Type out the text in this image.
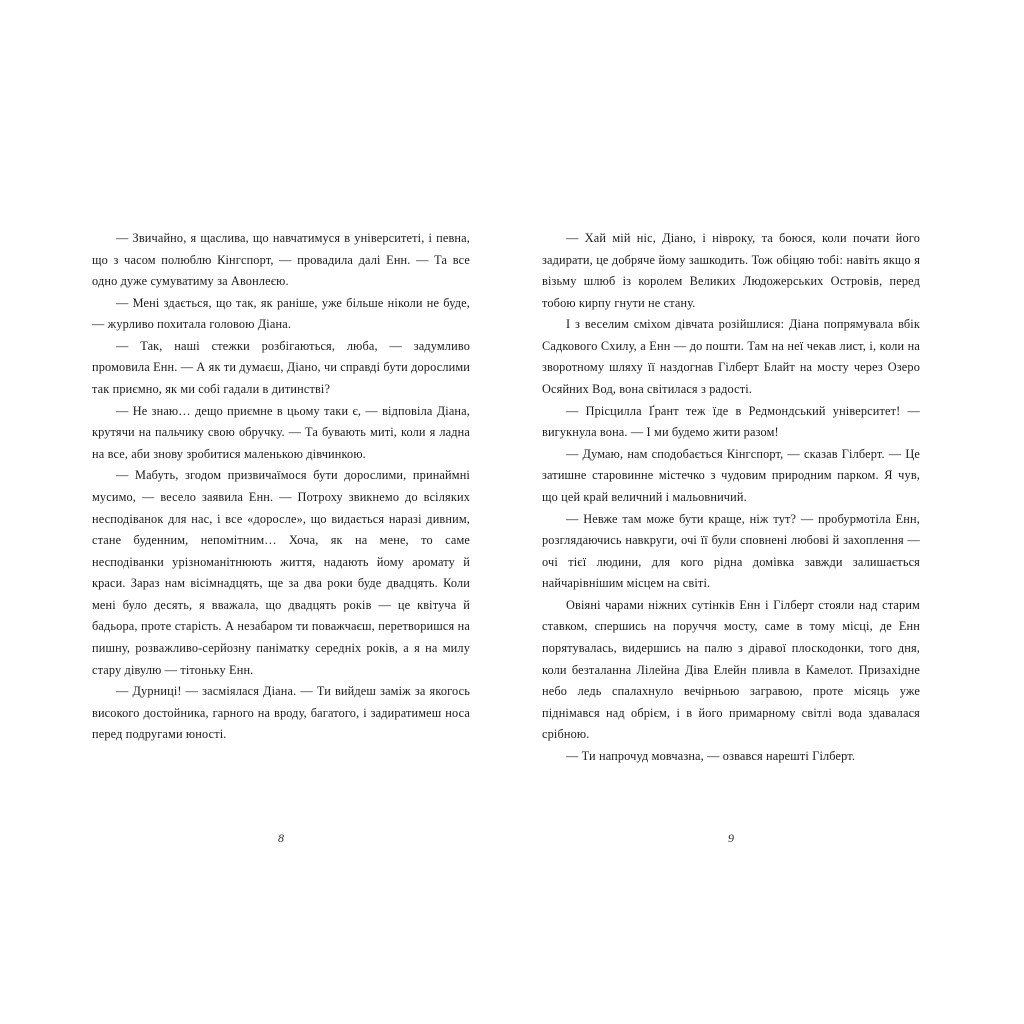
— Звичайно, я щаслива, що навчатимуся в університеті, і певна, що з часом полюблю Кінгспорт, — провадила далі Енн. — Та все одно дуже сумуватиму за Авонлеєю.

— Мені здається, що так, як раніше, уже більше ніколи не буде, — журливо похитала головою Діана.

— Так, наші стежки розбігаються, люба, — задумливо промовила Енн. — А як ти думаєш, Діано, чи справді бути дорослими так приємно, як ми собі гадали в дитинстві?

— Не знаю… дещо приємне в цьому таки є, — відповіла Діана, крутячи на пальчику свою обручку. — Та бувають миті, коли я ладна на все, аби знову зробитися маленькою дівчинкою.

— Мабуть, згодом призвичаїмося бути дорослими, принаймні мусимо, — весело заявила Енн. — Потроху звикнемо до всіляких несподіванок для нас, і все «доросле», що видається наразі дивним, стане буденним, непомітним… Хоча, як на мене, то саме несподіванки урізноманітнюють життя, надають йому аромату й краси. Зараз нам вісімнадцять, ще за два роки буде двадцять. Коли мені було десять, я вважала, що двадцять років — це квітуча й бадьора, проте старість. А незабаром ти поважчаєш, перетворишся на пишну, розважливо-серйозну паніматку середніх років, а я на милу стару дівулю — тітоньку Енн.

— Дурниці! — засміялася Діана. — Ти вийдеш заміж за якогось високого достойника, гарного на вроду, багатого, і задиратимеш носа перед подругами юності.

8

— Хай мій ніс, Діано, і нівроку, та боюся, коли почати його задирати, це добряче йому зашкодить. Тож обіцяю тобі: навіть якщо я візьму шлюб із королем Великих Людожерських Островів, перед тобою кирпу гнути не стану.

І з веселим сміхом дівчата розійшлися: Діана попрямувала вбік Садкового Схилу, а Енн — до пошти. Там на неї чекав лист, і, коли на зворотному шляху її наздогнав Гілберт Блайт на мосту через Озеро Осяйних Вод, вона світилася з радості.

— Прісцилла Ґрант теж їде в Редмондський університет! — вигукнула вона. — І ми будемо жити разом!

— Думаю, нам сподобається Кінгспорт, — сказав Гілберт. — Це затишне старовинне містечко з чудовим природним парком. Я чув, що цей край величний і мальовничий.

— Невже там може бути краще, ніж тут? — пробурмотіла Енн, розглядаючись навкруги, очі її були сповнені любові й захоплення — очі тієї людини, для кого рідна домівка завжди залишається найчарівнішим місцем на світі.

Овіяні чарами ніжних сутінків Енн і Гілберт стояли над старим ставком, спершись на поруччя мосту, саме в тому місці, де Енн порятувалась, видершись на палю з діравої плоскодонки, того дня, коли безталанна Лілейна Діва Елейн пливла в Камелот. Призахідне небо ледь спалахнуло вечірньою загравою, проте місяць уже піднімався над обрієм, і в його примарному світлі вода здавалася срібною.

— Ти напрочуд мовчазна, — озвався нарешті Гілберт.

9
